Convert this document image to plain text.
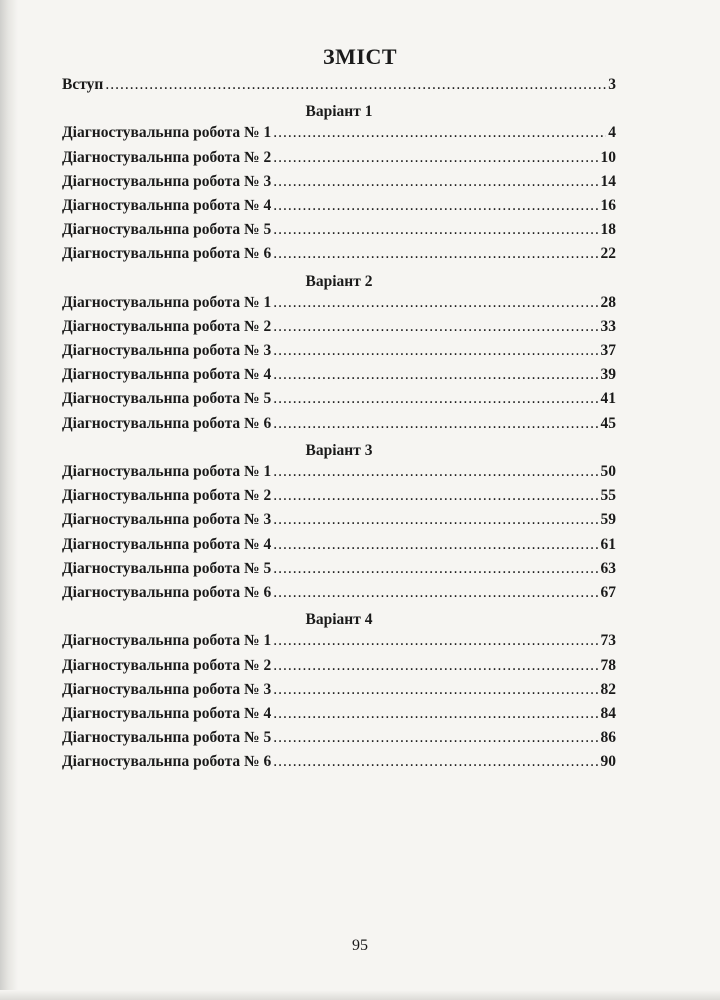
ЗМІСТ
Вступ .....	3
Варіант 1
Діагностувальнпа робота № 1 .....	4
Діагностувальнпа робота № 2 .....	10
Діагностувальнпа робота № 3 .....	14
Діагностувальнпа робота № 4 .....	16
Діагностувальнпа робота № 5 .....	18
Діагностувальнпа робота № 6 .....	22
Варіант 2
Діагностувальнпа робота № 1 .....	28
Діагностувальнпа робота № 2 .....	33
Діагностувальнпа робота № 3 .....	37
Діагностувальнпа робота № 4 .....	39
Діагностувальнпа робота № 5 .....	41
Діагностувальнпа робота № 6 .....	45
Варіант 3
Діагностувальнпа робота № 1 .....	50
Діагностувальнпа робота № 2 .....	55
Діагностувальнпа робота № 3 .....	59
Діагностувальнпа робота № 4 .....	61
Діагностувальнпа робота № 5 .....	63
Діагностувальнпа робота № 6 .....	67
Варіант 4
Діагностувальнпа робота № 1 .....	73
Діагностувальнпа робота № 2 .....	78
Діагностувальнпа робота № 3 .....	82
Діагностувальнпа робота № 4 .....	84
Діагностувальнпа робота № 5 .....	86
Діагностувальнпа робота № 6 .....	90
95
